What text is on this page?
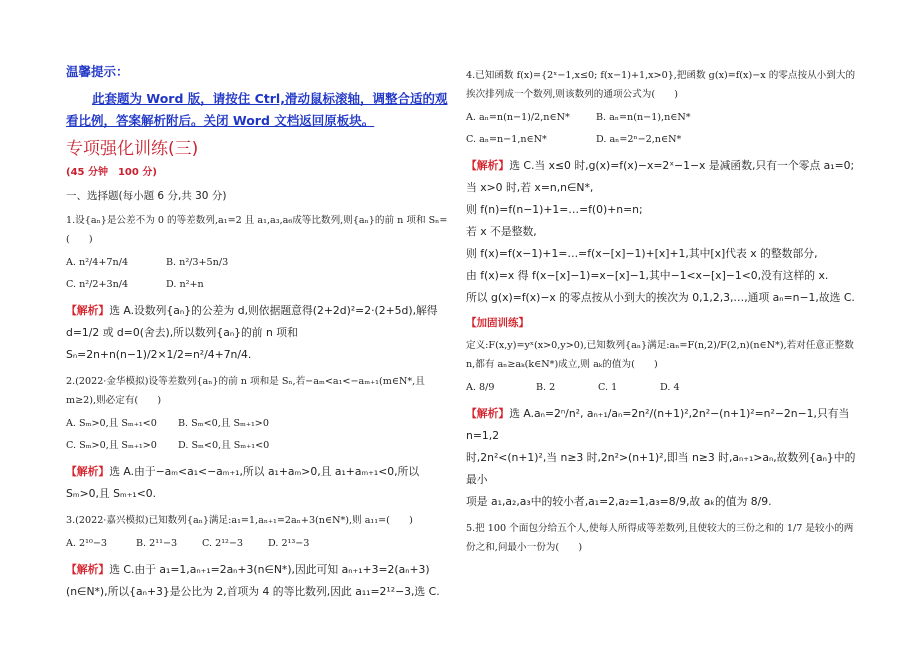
温馨提示：

此套题为 Word 版，请按住 Ctrl,滑动鼠标滚轴，调整合适的观看比例，答案解析附后。关闭 Word 文档返回原板块。

专项强化训练(三)
(45 分钟　100 分)
一、选择题(每小题 6 分,共 30 分)
1.设{aₙ}是公差不为 0 的等差数列,a₁=2 且 a₁,a₃,a₆成等比数列,则{aₙ}的前 n 项和 Sₙ=(　　)
A. n²/4+7n/4	B. n²/3+5n/3
C. n²/2+3n/4	D. n²+n
【解析】选 A.设数列{aₙ}的公差为 d,则依据题意得(2+2d)²=2·(2+5d),解得 d=1/2 或 d=0(舍去),所以数列{aₙ}的前 n 项和 Sₙ=2n+n(n−1)/2×1/2=n²/4+7n/4.
2.(2022·金华模拟)设等差数列{aₙ}的前 n 项和是 Sₙ,若−aₘ<a₁<−aₘ₊₁(m∈N*,且 m≥2),则必定有(　　)
A. Sₘ>0,且 Sₘ₊₁<0	B. Sₘ<0,且 Sₘ₊₁>0
C. Sₘ>0,且 Sₘ₊₁>0	D. Sₘ<0,且 Sₘ₊₁<0
【解析】选 A.由于−aₘ<a₁<−aₘ₊₁,所以 a₁+aₘ>0,且 a₁+aₘ₊₁<0,所以 Sₘ>0,且 Sₘ₊₁<0.
3.(2022·嘉兴模拟)已知数列{aₙ}满足:a₁=1,aₙ₊₁=2aₙ+3(n∈N*),则 a₁₁=(　　)
A. 2¹⁰−3	B. 2¹¹−3	C. 2¹²−3	D. 2¹³−3
【解析】选 C.由于 a₁=1,aₙ₊₁=2aₙ+3(n∈N*),因此可知 aₙ₊₁+3=2(aₙ+3)(n∈N*),所以{aₙ+3}是公比为 2,首项为 4 的等比数列,因此 a₁₁=2¹²−3,选 C.
4.已知函数 f(x)={2ˣ−1,x≤0; f(x−1)+1,x>0},把函数 g(x)=f(x)−x 的零点按从小到大的挨次排列成一个数列,则该数列的通项公式为(　　)
A. aₙ=n(n−1)/2,n∈N*	B. aₙ=n(n−1),n∈N*
C. aₙ=n−1,n∈N*	D. aₙ=2ⁿ−2,n∈N*
【解析】选 C.当 x≤0 时,g(x)=f(x)−x=2ˣ−1−x 是减函数,只有一个零点 a₁=0;当 x>0 时,若 x=n,n∈N*,
则 f(n)=f(n−1)+1=…=f(0)+n=n;
若 x 不是整数,
则 f(x)=f(x−1)+1=…=f(x−[x]−1)+[x]+1,其中[x]代表 x 的整数部分,
由 f(x)=x 得 f(x−[x]−1)=x−[x]−1,其中−1<x−[x]−1<0,没有这样的 x.
所以 g(x)=f(x)−x 的零点按从小到大的挨次为 0,1,2,3,…,通项 aₙ=n−1,故选 C.
【加固训练】
定义:F(x,y)=yˣ(x>0,y>0),已知数列{aₙ}满足:aₙ=F(n,2)/F(2,n)(n∈N*),若对任意正整数 n,都有 aₙ≥aₖ(k∈N*)成立,则 aₖ的值为(　　)
A. 8/9	B. 2	C. 1	D. 4
【解析】选 A.aₙ=2ⁿ/n², aₙ₊₁/aₙ=2n²/(n+1)²,2n²−(n+1)²=n²−2n−1,只有当 n=1,2
时,2n²<(n+1)²,当 n≥3 时,2n²>(n+1)²,即当 n≥3 时,aₙ₊₁>aₙ,故数列{aₙ}中的最小
项是 a₁,a₂,a₃中的较小者,a₁=2,a₂=1,a₃=8/9,故 aₖ的值为 8/9.
5.把 100 个面包分给五个人,使每人所得成等差数列,且使较大的三份之和的 1/7 是较小的两份之和,问最小一份为(　　)
